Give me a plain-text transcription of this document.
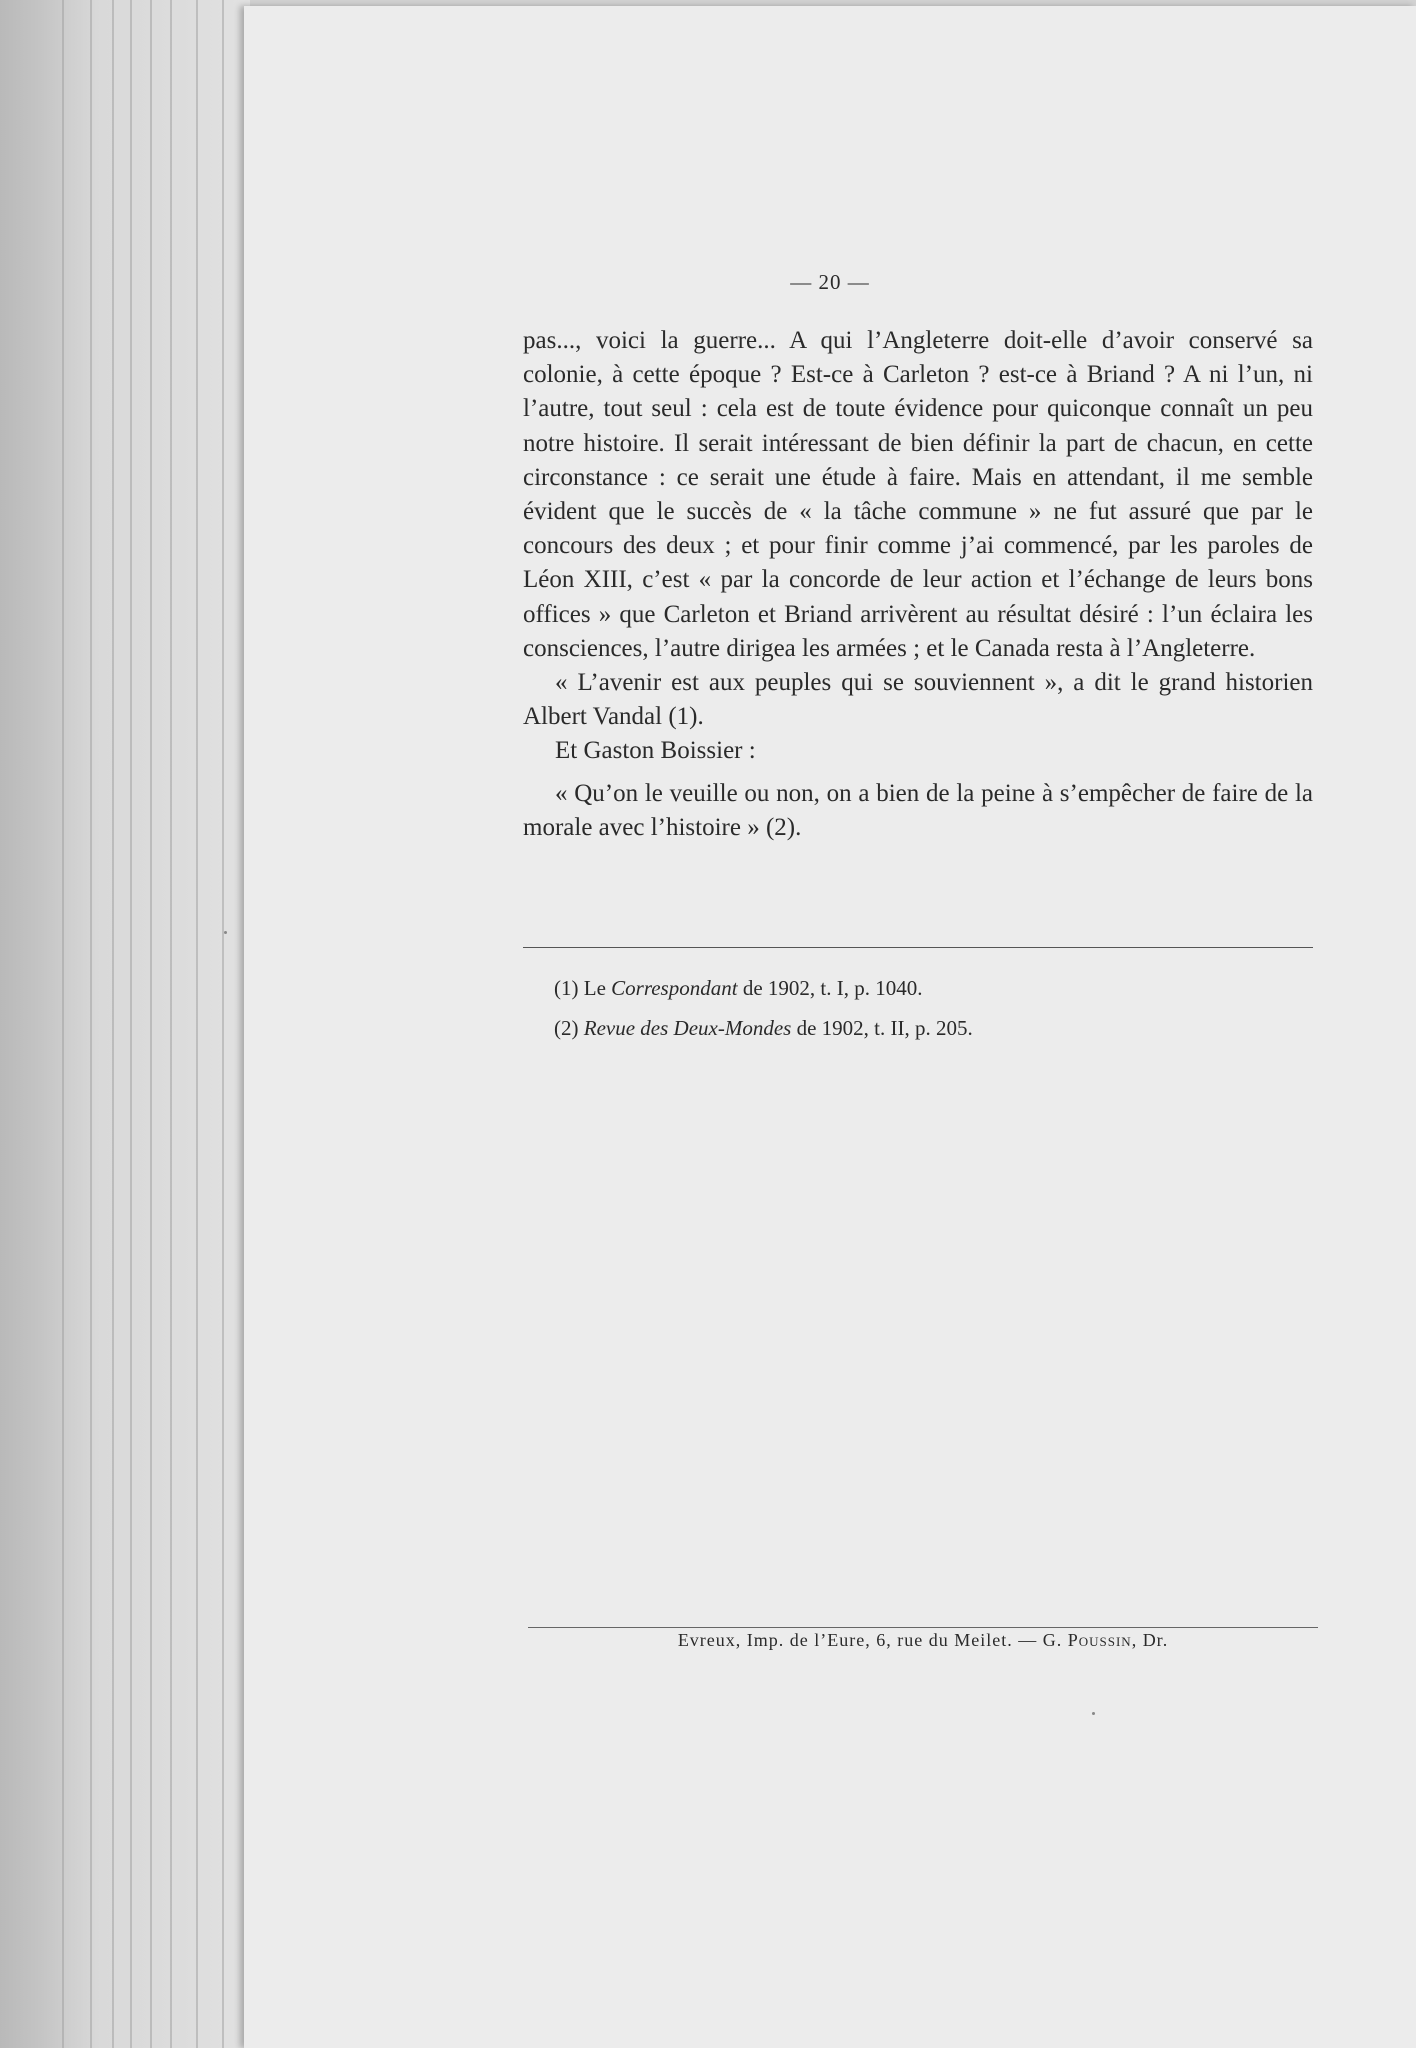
— 20 —

pas..., voici la guerre... A qui l’Angleterre doit-elle d’avoir conservé sa colonie, à cette époque ? Est-ce à Carleton ? est-ce à Briand ? A ni l’un, ni l’autre, tout seul : cela est de toute évidence pour quiconque connaît un peu notre histoire. Il serait intéressant de bien définir la part de chacun, en cette circonstance : ce serait une étude à faire. Mais en attendant, il me semble évident que le succès de « la tâche commune » ne fut assuré que par le concours des deux ; et pour finir comme j’ai commencé, par les paroles de Léon XIII, c’est « par la concorde de leur action et l’échange de leurs bons offices » que Carleton et Briand arrivèrent au résultat désiré : l’un éclaira les consciences, l’autre dirigea les armées ; et le Canada resta à l’Angleterre.

« L’avenir est aux peuples qui se souviennent », a dit le grand historien Albert Vandal (1).

Et Gaston Boissier :

« Qu’on le veuille ou non, on a bien de la peine à s’empêcher de faire de la morale avec l’histoire » (2).

(1) Le Correspondant de 1902, t. I, p. 1040.

(2) Revue des Deux-Mondes de 1902, t. II, p. 205.

Evreux, Imp. de l’Eure, 6, rue du Meilet. — G. Poussin, Dr.
